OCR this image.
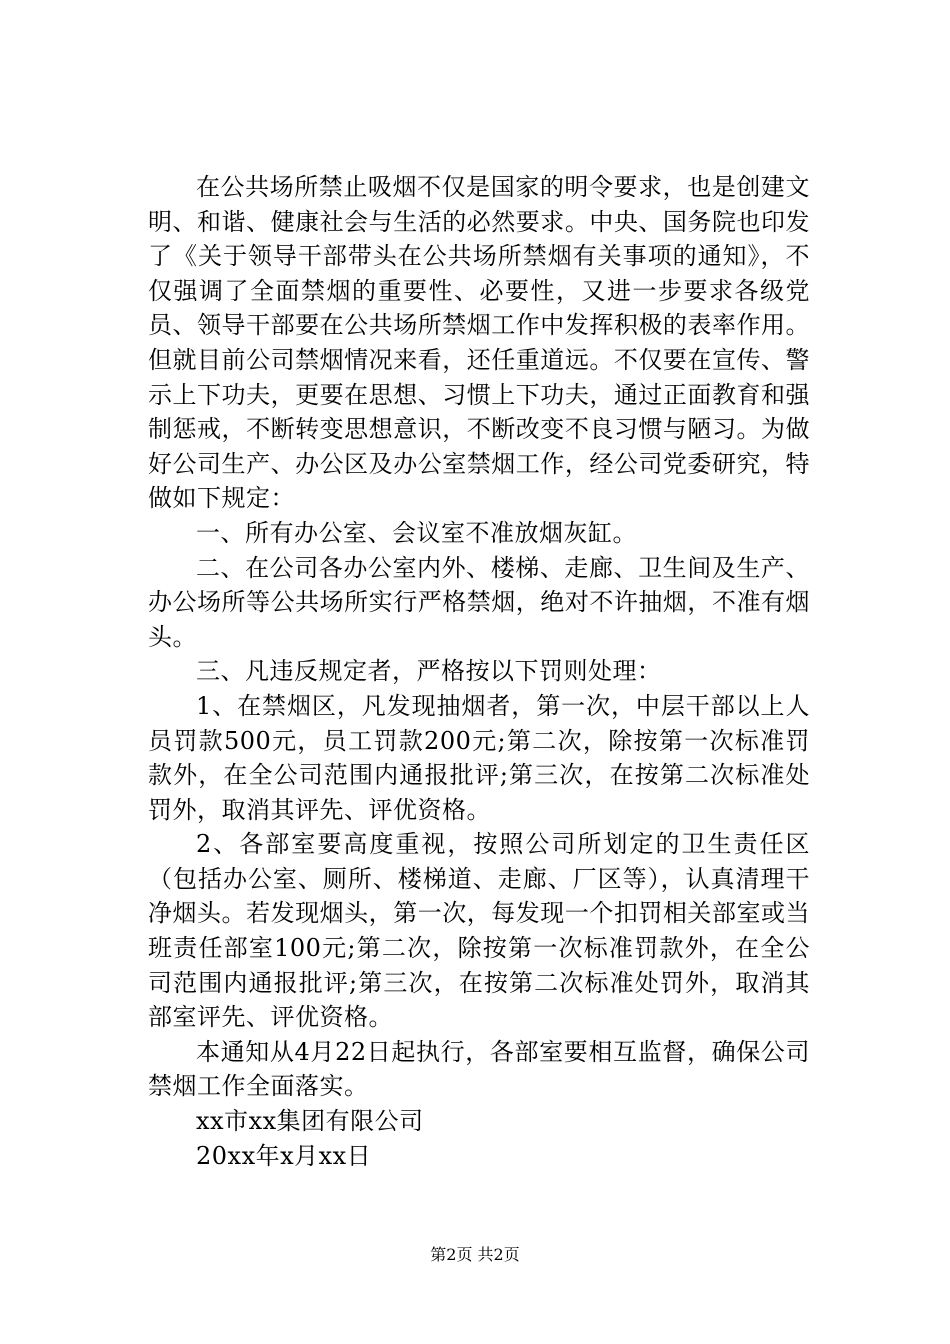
在公共场所禁止吸烟不仅是国家的明令要求，也是创建文明、和谐、健康社会与生活的必然要求。中央、国务院也印发了《关于领导干部带头在公共场所禁烟有关事项的通知》，不仅强调了全面禁烟的重要性、必要性，又进一步要求各级党员、领导干部要在公共场所禁烟工作中发挥积极的表率作用。但就目前公司禁烟情况来看，还任重道远。不仅要在宣传、警示上下功夫，更要在思想、习惯上下功夫，通过正面教育和强制惩戒，不断转变思想意识，不断改变不良习惯与陋习。为做好公司生产、办公区及办公室禁烟工作，经公司党委研究，特做如下规定：

一、所有办公室、会议室不准放烟灰缸。

二、在公司各办公室内外、楼梯、走廊、卫生间及生产、办公场所等公共场所实行严格禁烟，绝对不许抽烟，不准有烟头。

三、凡违反规定者，严格按以下罚则处理：

1、在禁烟区，凡发现抽烟者，第一次，中层干部以上人员罚款500元，员工罚款200元;第二次，除按第一次标准罚款外，在全公司范围内通报批评;第三次，在按第二次标准处罚外，取消其评先、评优资格。

2、各部室要高度重视，按照公司所划定的卫生责任区（包括办公室、厕所、楼梯道、走廊、厂区等），认真清理干净烟头。若发现烟头，第一次，每发现一个扣罚相关部室或当班责任部室100元;第二次，除按第一次标准罚款外，在全公司范围内通报批评;第三次，在按第二次标准处罚外，取消其部室评先、评优资格。

本通知从4月22日起执行，各部室要相互监督，确保公司禁烟工作全面落实。

xx市xx集团有限公司

20xx年x月xx日

第2页 共2页
